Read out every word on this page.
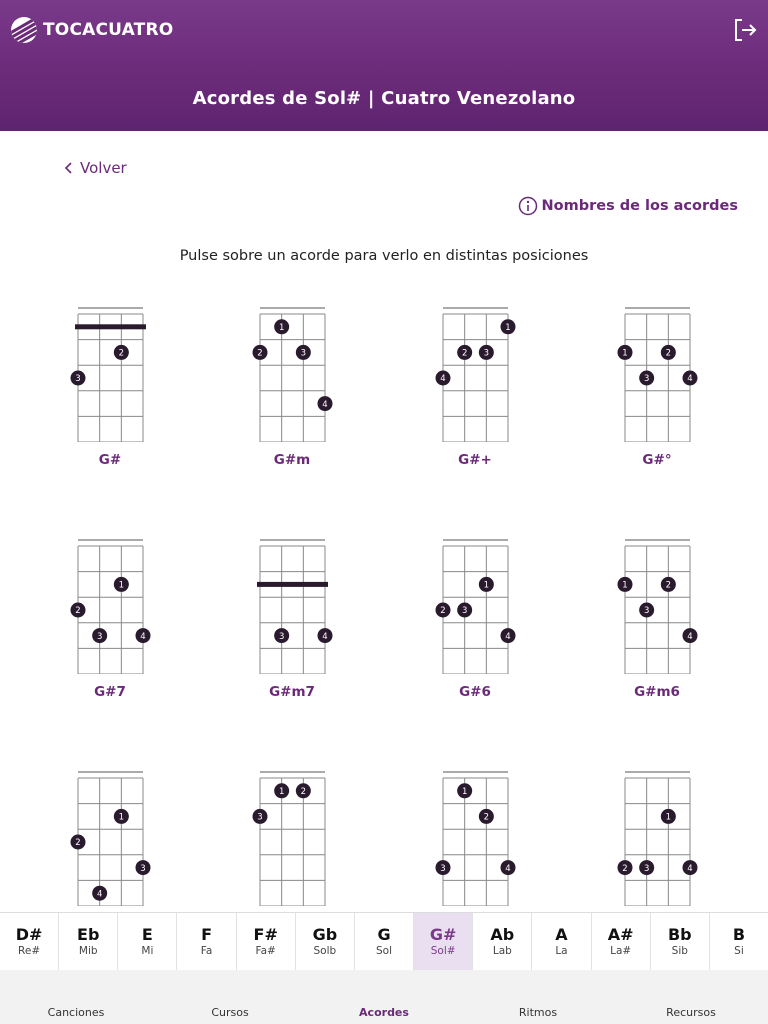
TOCACUATRO
Acordes de Sol# | Cuatro Venezolano
Volver
Nombres de los acordes
Pulse sobre un acorde para verlo en distintas posiciones
2
3
G#
1
2	3
4
G#m
1
2 3
4
G#+
1	2
3	4
G#°
1
2
3	4
G#7
3	4
G#m7
1
2 3
4
G#6
1	2
3
4
G#m6
1
2
3
4
1 2
3
1
2
3	4
1
2 3	4
D#
Re#
Eb
Mib
E
Mi
F
Fa
F#
Fa#
Gb
Solb
G
Sol
G#
Sol#
Ab
Lab
A
La
A#
La#
Bb
Sib
B
Si
Canciones	Cursos	Acordes	Ritmos	Recursos
